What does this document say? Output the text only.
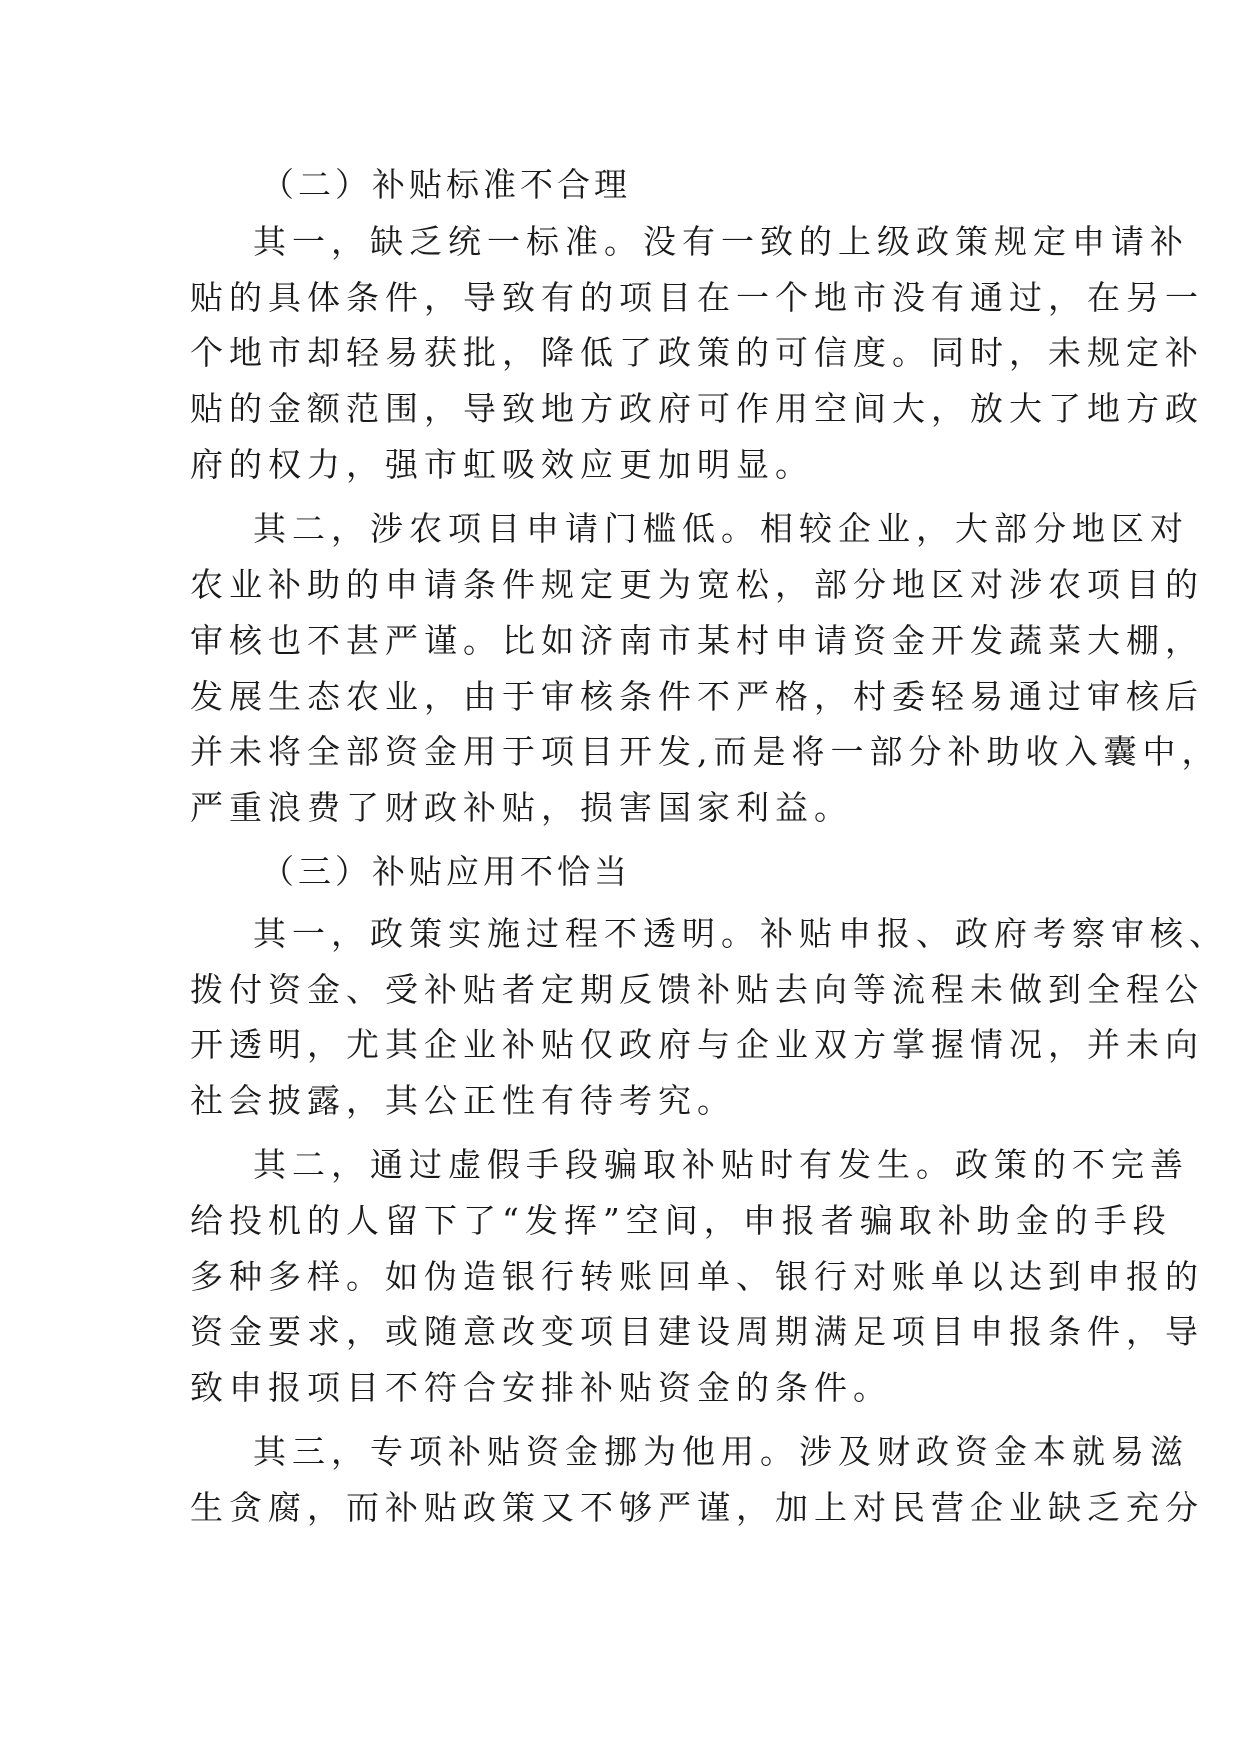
（二）补贴标准不合理
其一，缺乏统一标准。没有一致的上级政策规定申请补
贴的具体条件，导致有的项目在一个地市没有通过，在另一
个地市却轻易获批，降低了政策的可信度。同时，未规定补
贴的金额范围，导致地方政府可作用空间大，放大了地方政
府的权力，强市虹吸效应更加明显。
其二，涉农项目申请门槛低。相较企业，大部分地区对
农业补助的申请条件规定更为宽松，部分地区对涉农项目的
审核也不甚严谨。比如济南市某村申请资金开发蔬菜大棚，
发展生态农业，由于审核条件不严格，村委轻易通过审核后
并未将全部资金用于项目开发,而是将一部分补助收入囊中，
严重浪费了财政补贴，损害国家利益。
（三）补贴应用不恰当
其一，政策实施过程不透明。补贴申报、政府考察审核、
拨付资金、受补贴者定期反馈补贴去向等流程未做到全程公
开透明，尤其企业补贴仅政府与企业双方掌握情况，并未向
社会披露，其公正性有待考究。
其二，通过虚假手段骗取补贴时有发生。政策的不完善
给投机的人留下了“发挥”空间，申报者骗取补助金的手段
多种多样。如伪造银行转账回单、银行对账单以达到申报的
资金要求，或随意改变项目建设周期满足项目申报条件，导
致申报项目不符合安排补贴资金的条件。
其三，专项补贴资金挪为他用。涉及财政资金本就易滋
生贪腐，而补贴政策又不够严谨，加上对民营企业缺乏充分
